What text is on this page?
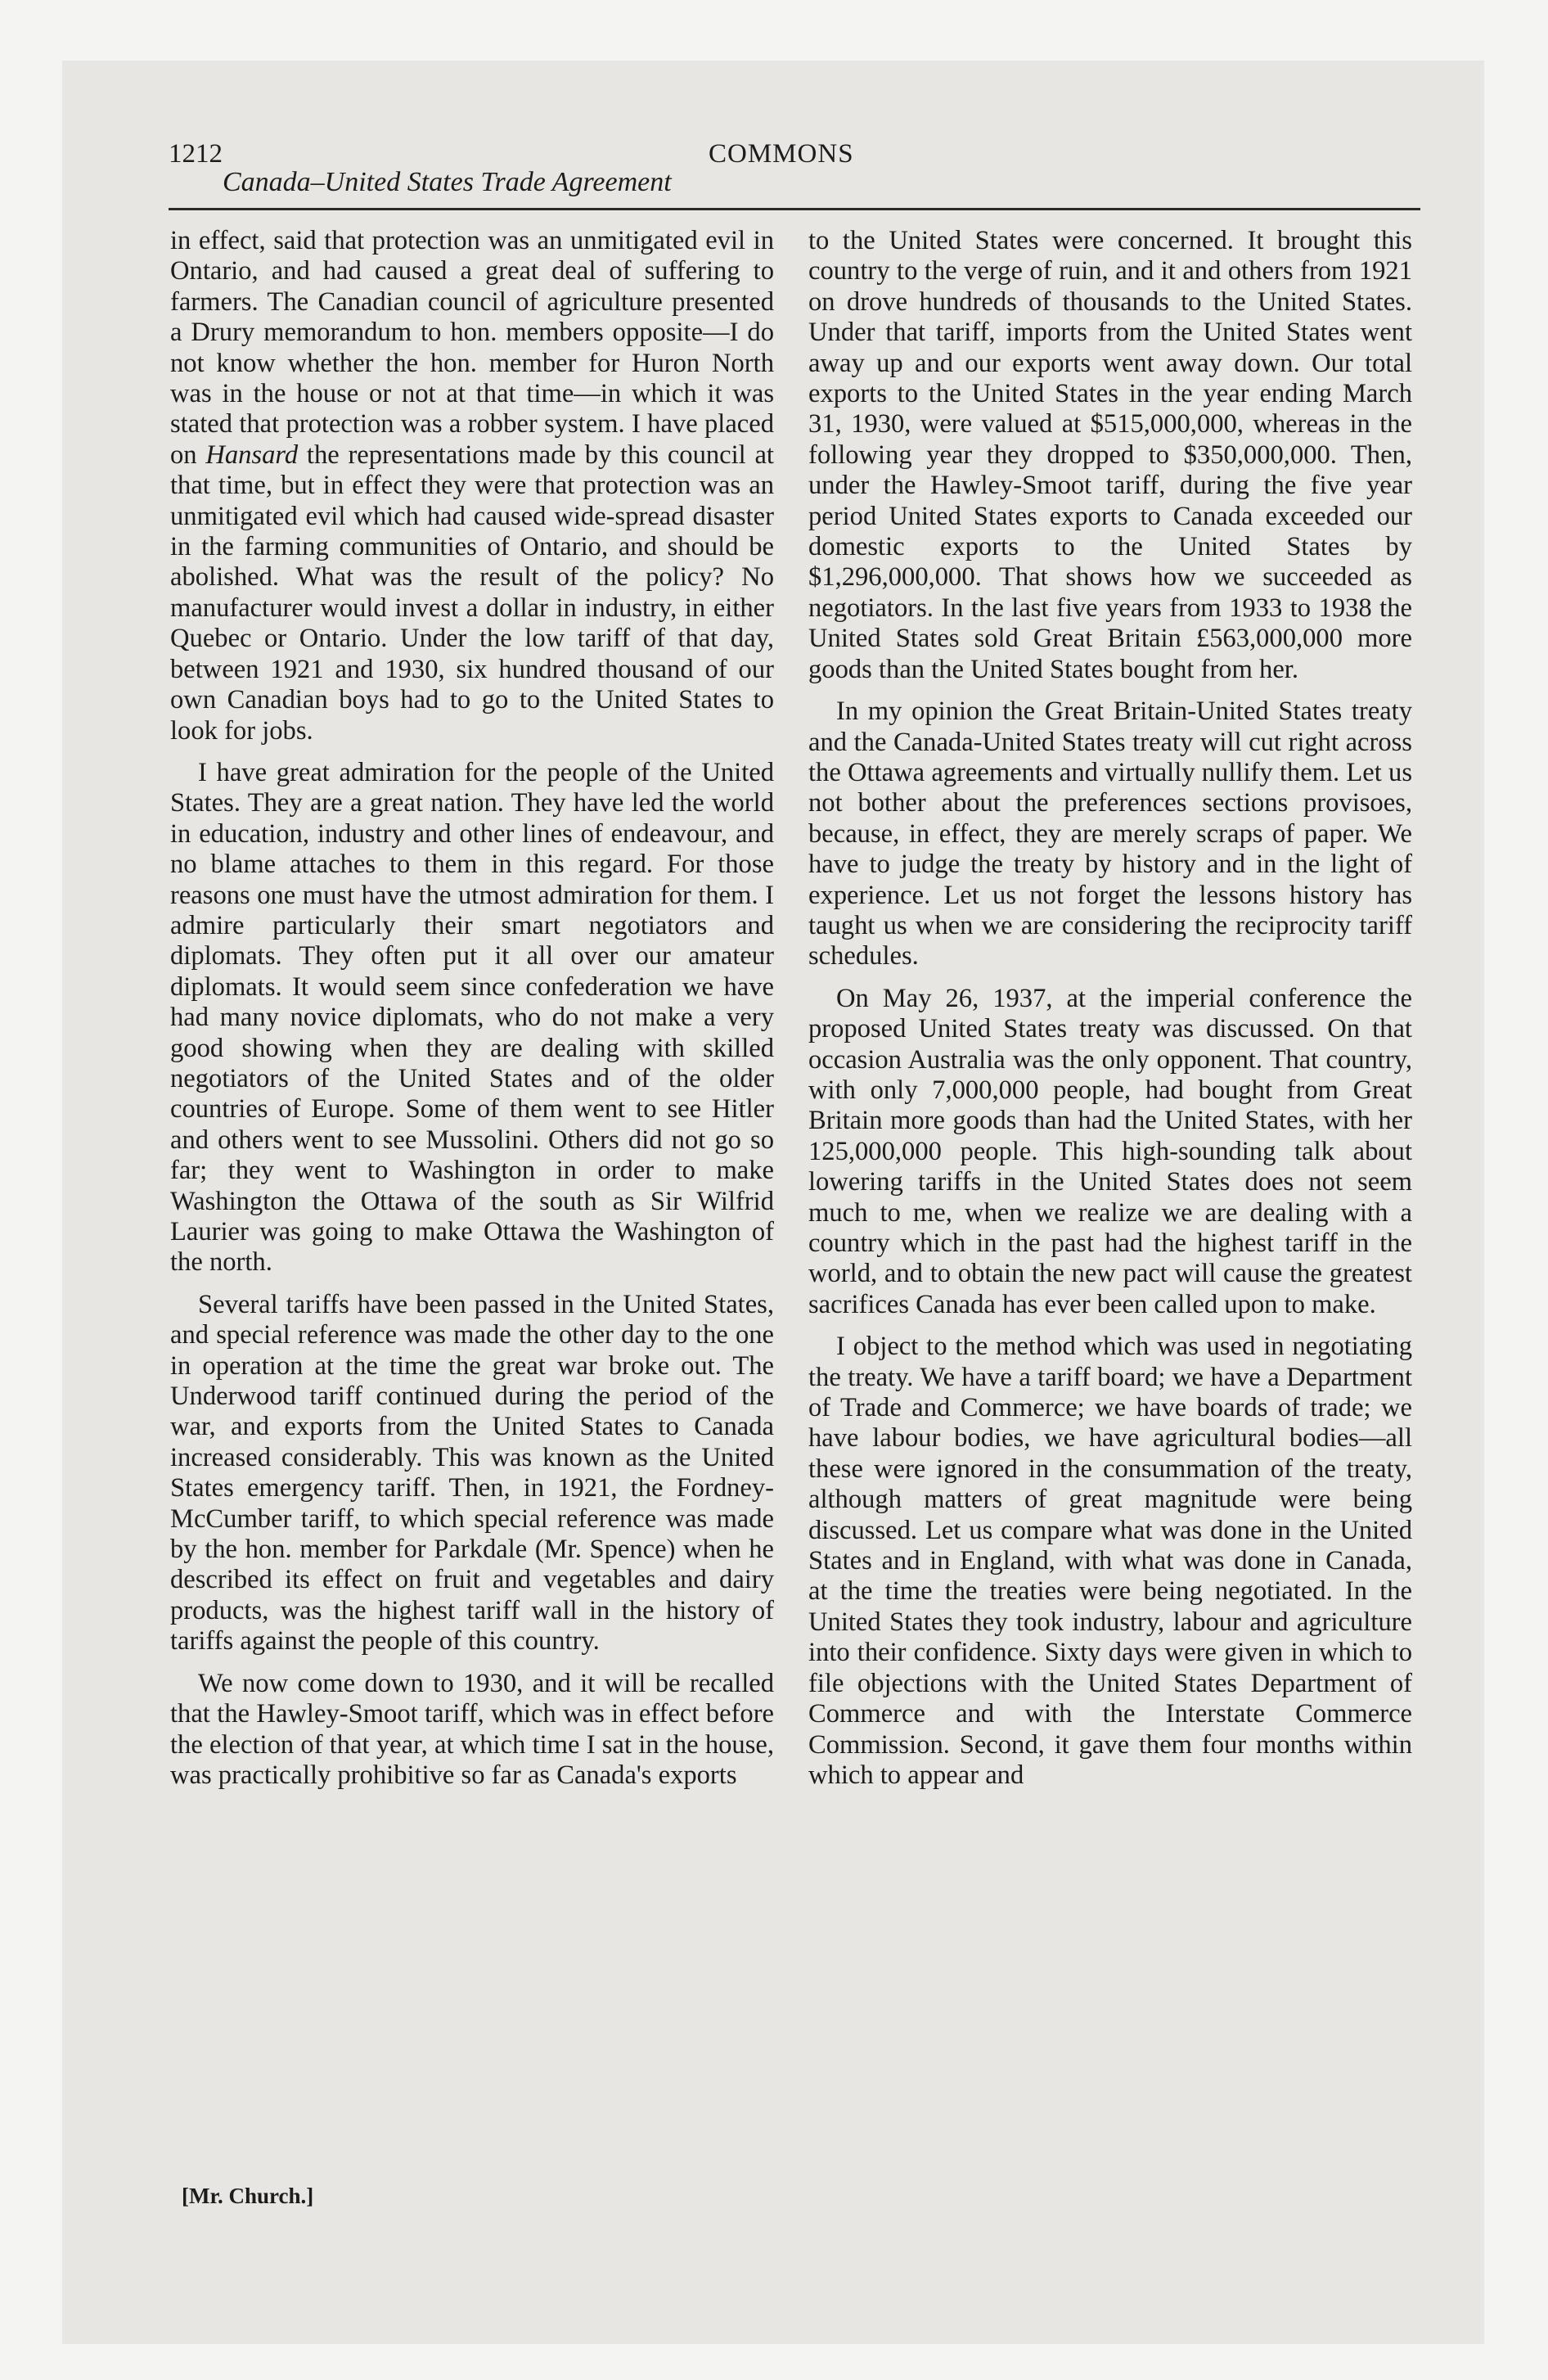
1212	COMMONS
Canada–United States Trade Agreement

in effect, said that protection was an unmitigated evil in Ontario, and had caused a great deal of suffering to farmers. The Canadian council of agriculture presented a Drury memorandum to hon. members opposite—I do not know whether the hon. member for Huron North was in the house or not at that time—in which it was stated that protection was a robber system. I have placed on Hansard the representations made by this council at that time, but in effect they were that protection was an unmitigated evil which had caused wide-spread disaster in the farming communities of Ontario, and should be abolished. What was the result of the policy? No manufacturer would invest a dollar in industry, in either Quebec or Ontario. Under the low tariff of that day, between 1921 and 1930, six hundred thousand of our own Canadian boys had to go to the United States to look for jobs.

I have great admiration for the people of the United States. They are a great nation. They have led the world in education, industry and other lines of endeavour, and no blame attaches to them in this regard. For those reasons one must have the utmost admiration for them. I admire particularly their smart negotiators and diplomats. They often put it all over our amateur diplomats. It would seem since confederation we have had many novice diplomats, who do not make a very good showing when they are dealing with skilled negotiators of the United States and of the older countries of Europe. Some of them went to see Hitler and others went to see Mussolini. Others did not go so far; they went to Washington in order to make Washington the Ottawa of the south as Sir Wilfrid Laurier was going to make Ottawa the Washington of the north.

Several tariffs have been passed in the United States, and special reference was made the other day to the one in operation at the time the great war broke out. The Underwood tariff continued during the period of the war, and exports from the United States to Canada increased considerably. This was known as the United States emergency tariff. Then, in 1921, the Fordney-McCumber tariff, to which special reference was made by the hon. member for Parkdale (Mr. Spence) when he described its effect on fruit and vegetables and dairy products, was the highest tariff wall in the history of tariffs against the people of this country.

We now come down to 1930, and it will be recalled that the Hawley-Smoot tariff, which was in effect before the election of that year, at which time I sat in the house, was practically prohibitive so far as Canada's exports

[Mr. Church.]

to the United States were concerned. It brought this country to the verge of ruin, and it and others from 1921 on drove hundreds of thousands to the United States. Under that tariff, imports from the United States went away up and our exports went away down. Our total exports to the United States in the year ending March 31, 1930, were valued at $515,000,000, whereas in the following year they dropped to $350,000,000. Then, under the Hawley-Smoot tariff, during the five year period United States exports to Canada exceeded our domestic exports to the United States by $1,296,000,000. That shows how we succeeded as negotiators. In the last five years from 1933 to 1938 the United States sold Great Britain £563,000,000 more goods than the United States bought from her.

In my opinion the Great Britain-United States treaty and the Canada-United States treaty will cut right across the Ottawa agreements and virtually nullify them. Let us not bother about the preferences sections provisoes, because, in effect, they are merely scraps of paper. We have to judge the treaty by history and in the light of experience. Let us not forget the lessons history has taught us when we are considering the reciprocity tariff schedules.

On May 26, 1937, at the imperial conference the proposed United States treaty was discussed. On that occasion Australia was the only opponent. That country, with only 7,000,000 people, had bought from Great Britain more goods than had the United States, with her 125,000,000 people. This high-sounding talk about lowering tariffs in the United States does not seem much to me, when we realize we are dealing with a country which in the past had the highest tariff in the world, and to obtain the new pact will cause the greatest sacrifices Canada has ever been called upon to make.

I object to the method which was used in negotiating the treaty. We have a tariff board; we have a Department of Trade and Commerce; we have boards of trade; we have labour bodies, we have agricultural bodies—all these were ignored in the consummation of the treaty, although matters of great magnitude were being discussed. Let us compare what was done in the United States and in England, with what was done in Canada, at the time the treaties were being negotiated. In the United States they took industry, labour and agriculture into their confidence. Sixty days were given in which to file objections with the United States Department of Commerce and with the Interstate Commerce Commission. Second, it gave them four months within which to appear and
